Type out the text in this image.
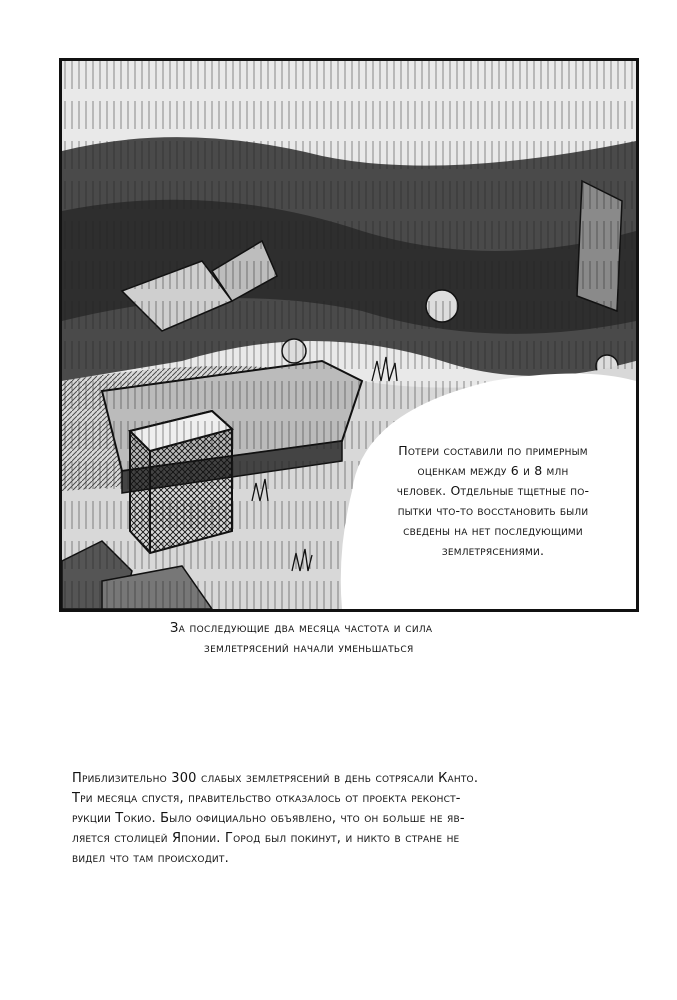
Потери составили по примерным
оценкам между 6 и 8 млн
человек. Отдельные тщетные по-
пытки что-то восстановить были
сведены на нет последующими
землетрясениями.
За последующие два месяца частота и сила
землетрясений начали уменьшаться
Приблизительно 300 слабых землетрясений в день сотрясали Канто.
Три месяца спустя, правительство отказалось от проекта реконст-
рукции Токио. Было официально объявлено, что он больше не яв-
ляется столицей Японии. Город был покинут, и никто в стране не
видел что там происходит.
